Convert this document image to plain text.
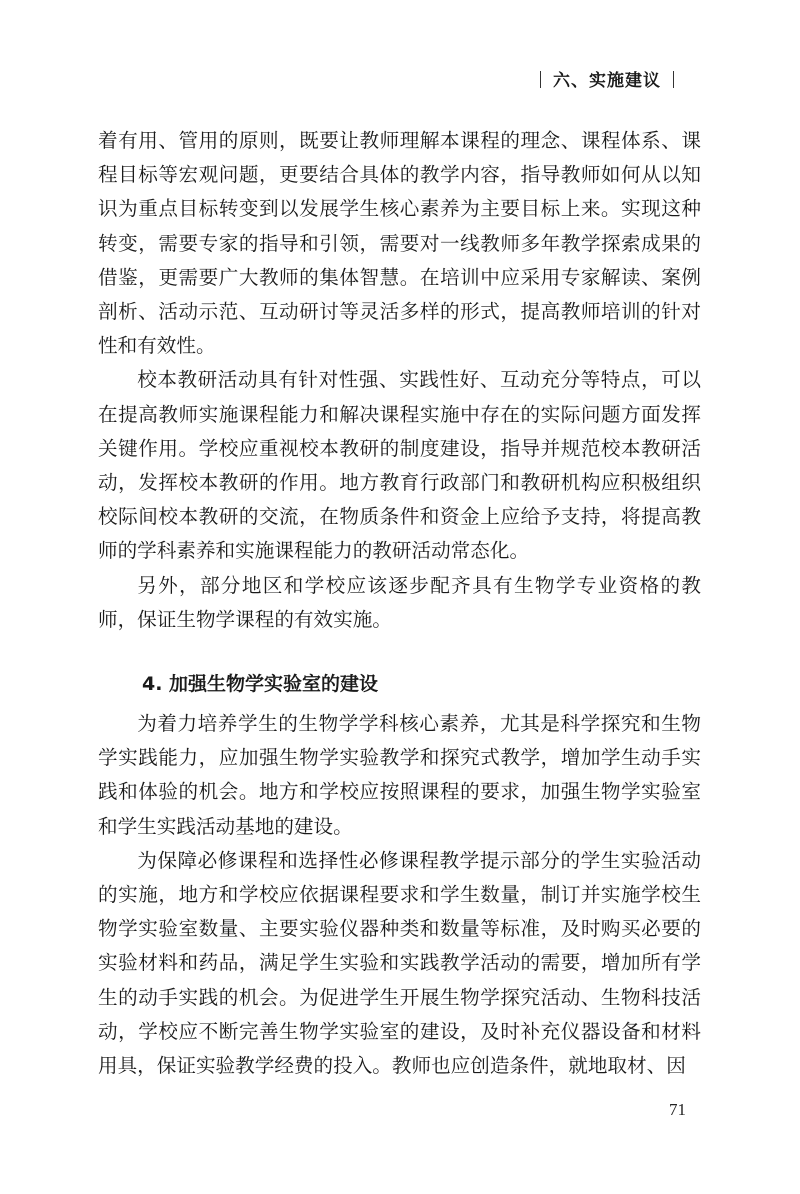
六、实施建议

着有用、管用的原则，既要让教师理解本课程的理念、课程体系、课程目标等宏观问题，更要结合具体的教学内容，指导教师如何从以知识为重点目标转变到以发展学生核心素养为主要目标上来。实现这种转变，需要专家的指导和引领，需要对一线教师多年教学探索成果的借鉴，更需要广大教师的集体智慧。在培训中应采用专家解读、案例剖析、活动示范、互动研讨等灵活多样的形式，提高教师培训的针对性和有效性。

校本教研活动具有针对性强、实践性好、互动充分等特点，可以在提高教师实施课程能力和解决课程实施中存在的实际问题方面发挥关键作用。学校应重视校本教研的制度建设，指导并规范校本教研活动，发挥校本教研的作用。地方教育行政部门和教研机构应积极组织校际间校本教研的交流，在物质条件和资金上应给予支持，将提高教师的学科素养和实施课程能力的教研活动常态化。

另外，部分地区和学校应该逐步配齐具有生物学专业资格的教师，保证生物学课程的有效实施。

4. 加强生物学实验室的建设

为着力培养学生的生物学学科核心素养，尤其是科学探究和生物学实践能力，应加强生物学实验教学和探究式教学，增加学生动手实践和体验的机会。地方和学校应按照课程的要求，加强生物学实验室和学生实践活动基地的建设。

为保障必修课程和选择性必修课程教学提示部分的学生实验活动的实施，地方和学校应依据课程要求和学生数量，制订并实施学校生物学实验室数量、主要实验仪器种类和数量等标准，及时购买必要的实验材料和药品，满足学生实验和实践教学活动的需要，增加所有学生的动手实践的机会。为促进学生开展生物学探究活动、生物科技活动，学校应不断完善生物学实验室的建设，及时补充仪器设备和材料用具，保证实验教学经费的投入。教师也应创造条件，就地取材、因

71
